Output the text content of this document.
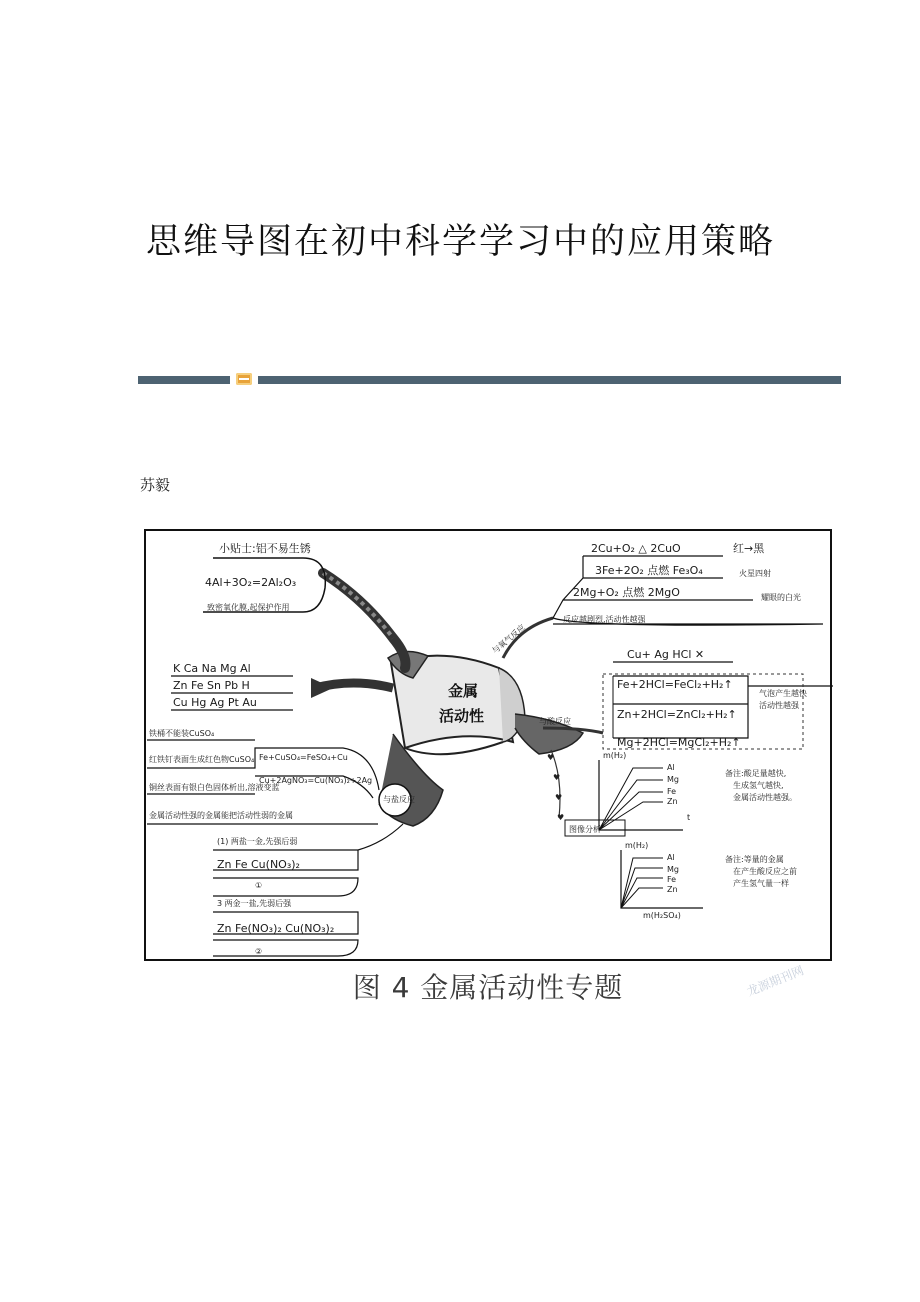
思维导图在初中科学学习中的应用策略
苏毅
金属
活动性
小贴士:铝不易生锈
4Al+3O₂=2Al₂O₃
致密氧化膜,起保护作用
K Ca Na Mg Al
Zn Fe Sn Pb H
Cu Hg Ag Pt Au
铁桶不能装CuSO₄
红铁钉表面生成红色物CuSO₄ Fe+CuSO₄=FeSO₄+Cu
Cu+2AgNO₃=Cu(NO₃)₂+2Ag
铜丝表面有银白色固体析出,溶液变蓝
金属活动性强的金属能把活动性弱的金属
与盐反应
(1) 两盐一金,先强后弱
Zn Fe Cu(NO₃)₂
①
3 两金一盐,先弱后强
Zn Fe(NO₃)₂ Cu(NO₃)₂
②
2Cu+O₂ △ 2CuO	红→黑
3Fe+2O₂ 点燃 Fe₃O₄	火星四射
2Mg+O₂ 点燃 2MgO	耀眼的白光
反应越剧烈,活动性越强
与氧气反应	Cu+ Ag HCl ✕
Fe+2HCl=FeCl₂+H₂↑
Zn+2HCl=ZnCl₂+H₂↑
Mg+2HCl=MgCl₂+H₂↑
气泡产生越快
活动性越强
与酸反应
♥
♥
♥
♥
图像分析
m(H₂)
t
Al
Mg
Fe
Zn
备注:酸足量越快,
生成氢气越快,
金属活动性越强。
m(H₂)
m(H₂SO₄)
Al
Mg
Fe
Zn
备注:等量的金属
在产生酸反应之前
产生氢气量一样
龙源期刊网
图 4 金属活动性专题
